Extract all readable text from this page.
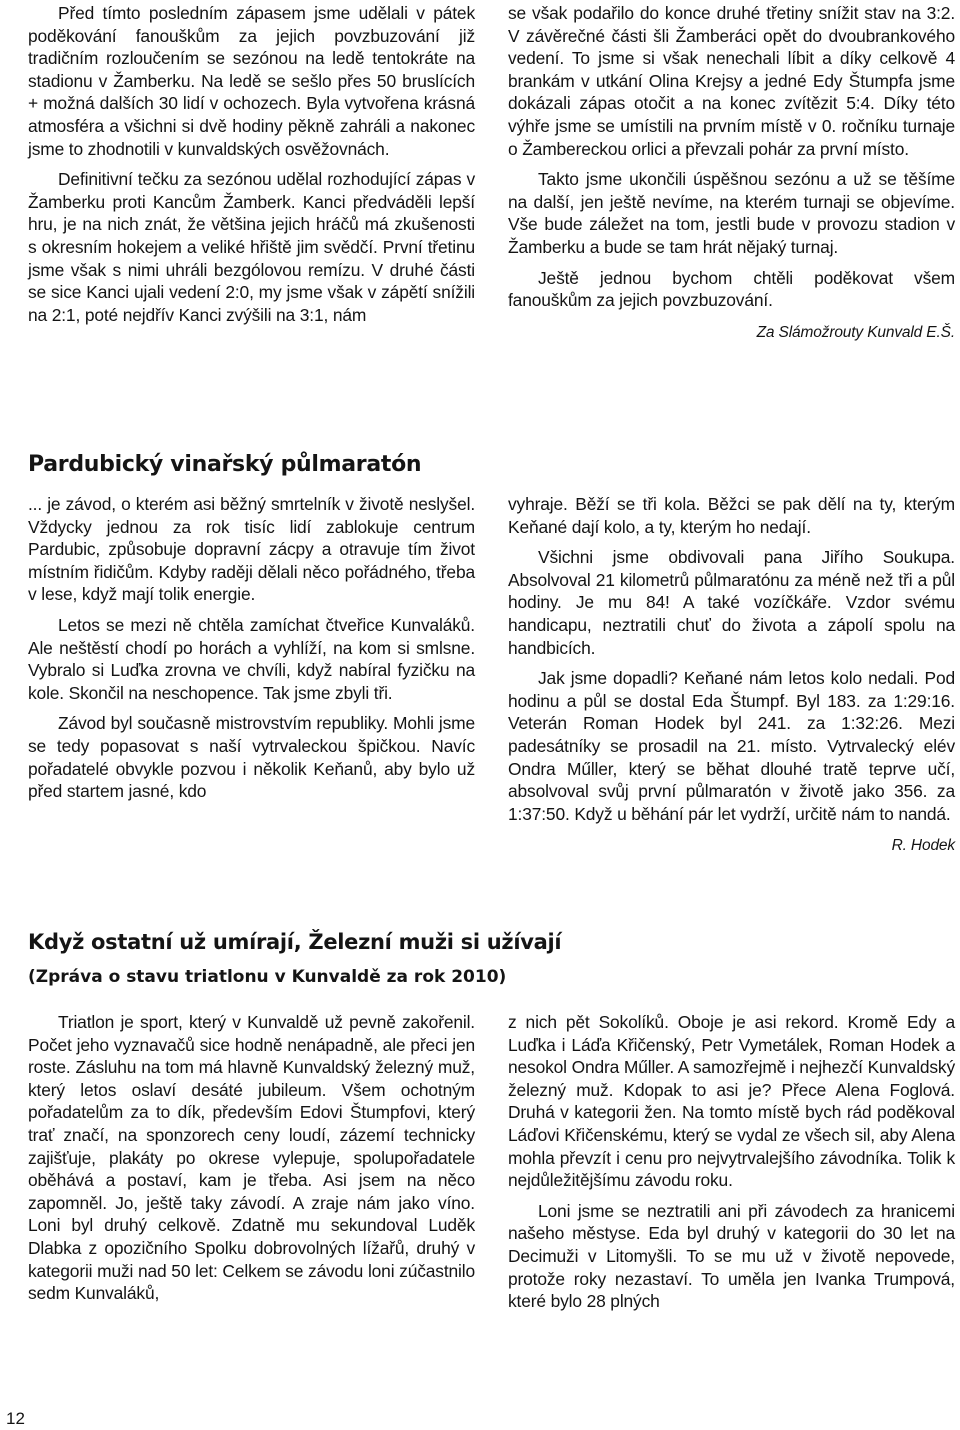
Před tímto posledním zápasem jsme udělali v pátek poděkování fanouškům za jejich povzbuzování již tradičním rozloučením se sezónou na ledě tentokráte na stadionu v Žamberku. Na ledě se sešlo přes 50 bruslících + možná dalších 30 lidí v ochozech. Byla vytvořena krásná atmosféra a všichni si dvě hodiny pěkně zahráli a nakonec jsme to zhodnotili v kunvaldských osvěžovnách.

Definitivní tečku za sezónou udělal rozhodující zápas v Žamberku proti Kancům Žamberk. Kanci předváděli lepší hru, je na nich znát, že většina jejich hráčů má zkušenosti s okresním hokejem a veliké hřiště jim svědčí. První třetinu jsme však s nimi uhráli bezgólovou remízu. V druhé části se sice Kanci ujali vedení 2:0, my jsme však v zápětí snížili na 2:1, poté nejdřív Kanci zvýšili na 3:1, nám

se však podařilo do konce druhé třetiny snížit stav na 3:2. V závěrečné části šli Žamberáci opět do dvoubrankového vedení. To jsme si však nenechali líbit a díky celkově 4 brankám v utkání Olina Krejsy a jedné Edy Štumpfa jsme dokázali zápas otočit a na konec zvítězit 5:4. Díky této výhře jsme se umístili na prvním místě v 0. ročníku turnaje o Žambereckou orlici a převzali pohár za první místo.

Takto jsme ukončili úspěšnou sezónu a už se těšíme na další, jen ještě nevíme, na kterém turnaji se objevíme. Vše bude záležet na tom, jestli bude v provozu stadion v Žamberku a bude se tam hrát nějaký turnaj.

Ještě jednou bychom chtěli poděkovat všem fanouškům za jejich povzbuzování.

Za Slámožrouty Kunvald E.Š.

Pardubický vinařský půlmaratón

... je závod, o kterém asi běžný smrtelník v životě neslyšel. Vždycky jednou za rok tisíc lidí zablokuje centrum Pardubic, způsobuje dopravní zácpy a otravuje tím život místním řidičům. Kdyby raději dělali něco pořádného, třeba v lese, když mají tolik energie.

Letos se mezi ně chtěla zamíchat čtveřice Kunvaláků. Ale neštěstí chodí po horách a vyhlíží, na kom si smlsne. Vybralo si Luďka zrovna ve chvíli, když nabíral fyzičku na kole. Skončil na neschopence. Tak jsme zbyli tři.

Závod byl současně mistrovstvím republiky. Mohli jsme se tedy popasovat s naší vytrvaleckou špičkou. Navíc pořadatelé obvykle pozvou i několik Keňanů, aby bylo už před startem jasné, kdo

vyhraje. Běží se tři kola. Běžci se pak dělí na ty, kterým Keňané dají kolo, a ty, kterým ho nedají.

Všichni jsme obdivovali pana Jiřího Soukupa. Absolvoval 21 kilometrů půlmaratónu za méně než tři a půl hodiny. Je mu 84! A také vozíčkáře. Vzdor svému handicapu, neztratili chuť do života a zápolí spolu na handbicích.

Jak jsme dopadli? Keňané nám letos kolo nedali. Pod hodinu a půl se dostal Eda Štumpf. Byl 183. za 1:29:16. Veterán Roman Hodek byl 241. za 1:32:26. Mezi padesátníky se prosadil na 21. místo. Vytrvalecký elév Ondra Műller, který se běhat dlouhé tratě teprve učí, absolvoval svůj první půlmaratón v životě jako 356. za 1:37:50. Když u běhání pár let vydrží, určitě nám to nandá.

R. Hodek

Když ostatní už umírají, Železní muži si užívají
(Zpráva o stavu triatlonu v Kunvaldě za rok 2010)

Triatlon je sport, který v Kunvaldě už pevně zakořenil. Počet jeho vyznavačů sice hodně nenápadně, ale přeci jen roste. Zásluhu na tom má hlavně Kunvaldský železný muž, který letos oslaví desáté jubileum. Všem ochotným pořadatelům za to dík, především Edovi Štumpfovi, který trať značí, na sponzorech ceny loudí, zázemí technicky zajišťuje, plakáty po okrese vylepuje, spolupořadatele oběhává a postaví, kam je třeba. Asi jsem na něco zapomněl. Jo, ještě taky závodí. A zraje nám jako víno. Loni byl druhý celkově. Zdatně mu sekundoval Luděk Dlabka z opozičního Spolku dobrovolných lížařů, druhý v kategorii muži nad 50 let: Celkem se závodu loni zúčastnilo sedm Kunvaláků,

z nich pět Sokolíků. Oboje je asi rekord. Kromě Edy a Luďka i Láďa Křičenský, Petr Vymetálek, Roman Hodek a nesokol Ondra Műller. A samozřejmě i nejhezčí Kunvaldský železný muž. Kdopak to asi je? Přece Alena Foglová. Druhá v kategorii žen. Na tomto místě bych rád poděkoval Láďovi Křičenskému, který se vydal ze všech sil, aby Alena mohla převzít i cenu pro nejvytrvalejšího závodníka. Tolik k nejdůležitějšímu závodu roku.

Loni jsme se neztratili ani při závodech za hranicemi našeho městyse. Eda byl druhý v kategorii do 30 let na Decimuži v Litomyšli. To se mu už v životě nepovede, protože roky nezastaví. To uměla jen Ivanka Trumpová, které bylo 28 plných

12
